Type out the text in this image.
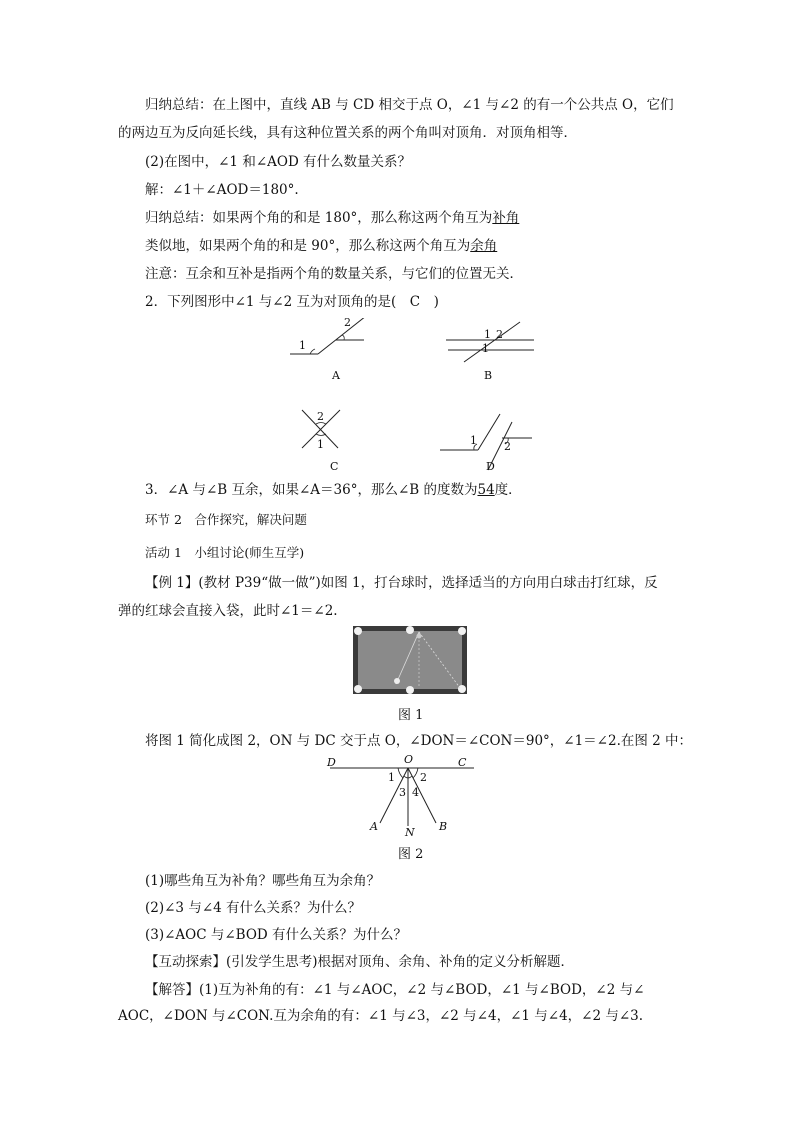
归纳总结：在上图中，直线 AB 与 CD 相交于点 O，∠1 与∠2 的有一个公共点 O，它们
的两边互为反向延长线，具有这种位置关系的两个角叫对顶角．对顶角相等．
(2)在图中，∠1 和∠AOD 有什么数量关系？
解：∠1＋∠AOD＝180°.
归纳总结：如果两个角的和是 180°，那么称这两个角互为补角
类似地，如果两个角的和是 90°，那么称这两个角互为余角
注意：互余和互补是指两个角的数量关系，与它们的位置无关．
2．下列图形中∠1 与∠2 互为对顶角的是(　C　)
1
2
A
1 2
1
B
2
1
C
1 2
D
3．∠A 与∠B 互余，如果∠A＝36°，那么∠B 的度数为54度．
环节 2　合作探究，解决问题
活动 1　小组讨论(师生互学)
【例 1】(教材 P39“做一做”)如图 1，打台球时，选择适当的方向用白球击打红球，反
弹的红球会直接入袋，此时∠1＝∠2.
图 1
将图 1 简化成图 2，ON 与 DC 交于点 O，∠DON＝∠CON＝90°，∠1＝∠2.在图 2 中：
D	O	C
1 2
3 4
A N B
图 2
(1)哪些角互为补角？哪些角互为余角？
(2)∠3 与∠4 有什么关系？为什么？
(3)∠AOC 与∠BOD 有什么关系？为什么？
【互动探索】(引发学生思考)根据对顶角、余角、补角的定义分析解题．
【解答】(1)互为补角的有：∠1 与∠AOC，∠2 与∠BOD，∠1 与∠BOD，∠2 与∠
AOC，∠DON 与∠CON.互为余角的有：∠1 与∠3，∠2 与∠4，∠1 与∠4，∠2 与∠3.
